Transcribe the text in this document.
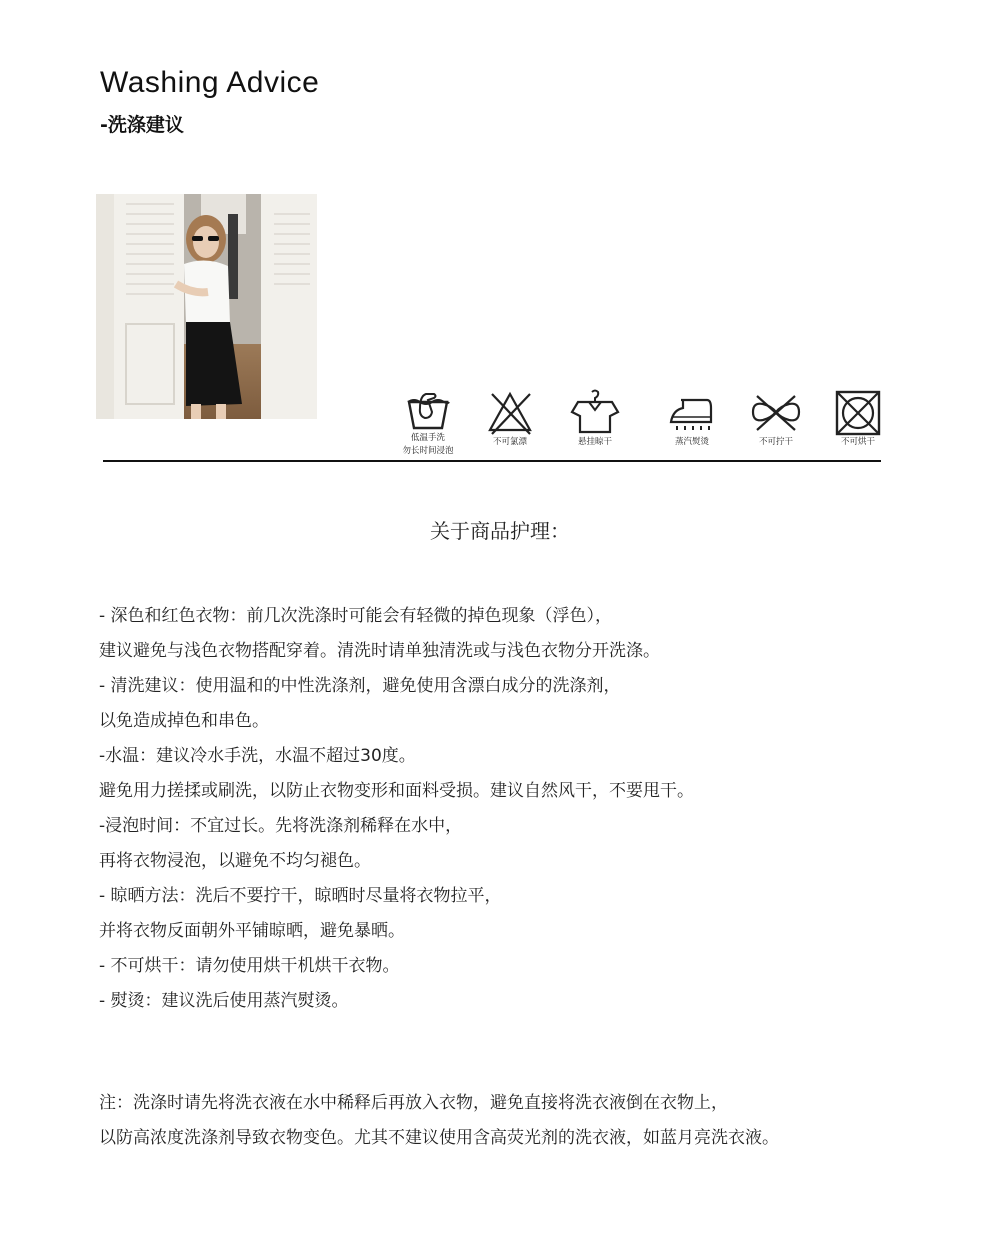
Washing Advice
-洗涤建议
低温手洗
勿长时间浸泡
不可氯漂	悬挂晾干	蒸汽熨烫	不可拧干	不可烘干
关于商品护理：
- 深色和红色衣物：前几次洗涤时可能会有轻微的掉色现象（浮色），
建议避免与浅色衣物搭配穿着。清洗时请单独清洗或与浅色衣物分开洗涤。
- 清洗建议：使用温和的中性洗涤剂，避免使用含漂白成分的洗涤剂，
以免造成掉色和串色。
-水温：建议冷水手洗，水温不超过30度。
避免用力搓揉或刷洗，以防止衣物变形和面料受损。建议自然风干，不要甩干。
-浸泡时间：不宜过长。先将洗涤剂稀释在水中，
再将衣物浸泡，以避免不均匀褪色。
- 晾晒方法：洗后不要拧干，晾晒时尽量将衣物拉平，
并将衣物反面朝外平铺晾晒，避免暴晒。
- 不可烘干：请勿使用烘干机烘干衣物。
- 熨烫：建议洗后使用蒸汽熨烫。
注：洗涤时请先将洗衣液在水中稀释后再放入衣物，避免直接将洗衣液倒在衣物上，
以防高浓度洗涤剂导致衣物变色。尤其不建议使用含高荧光剂的洗衣液，如蓝月亮洗衣液。
